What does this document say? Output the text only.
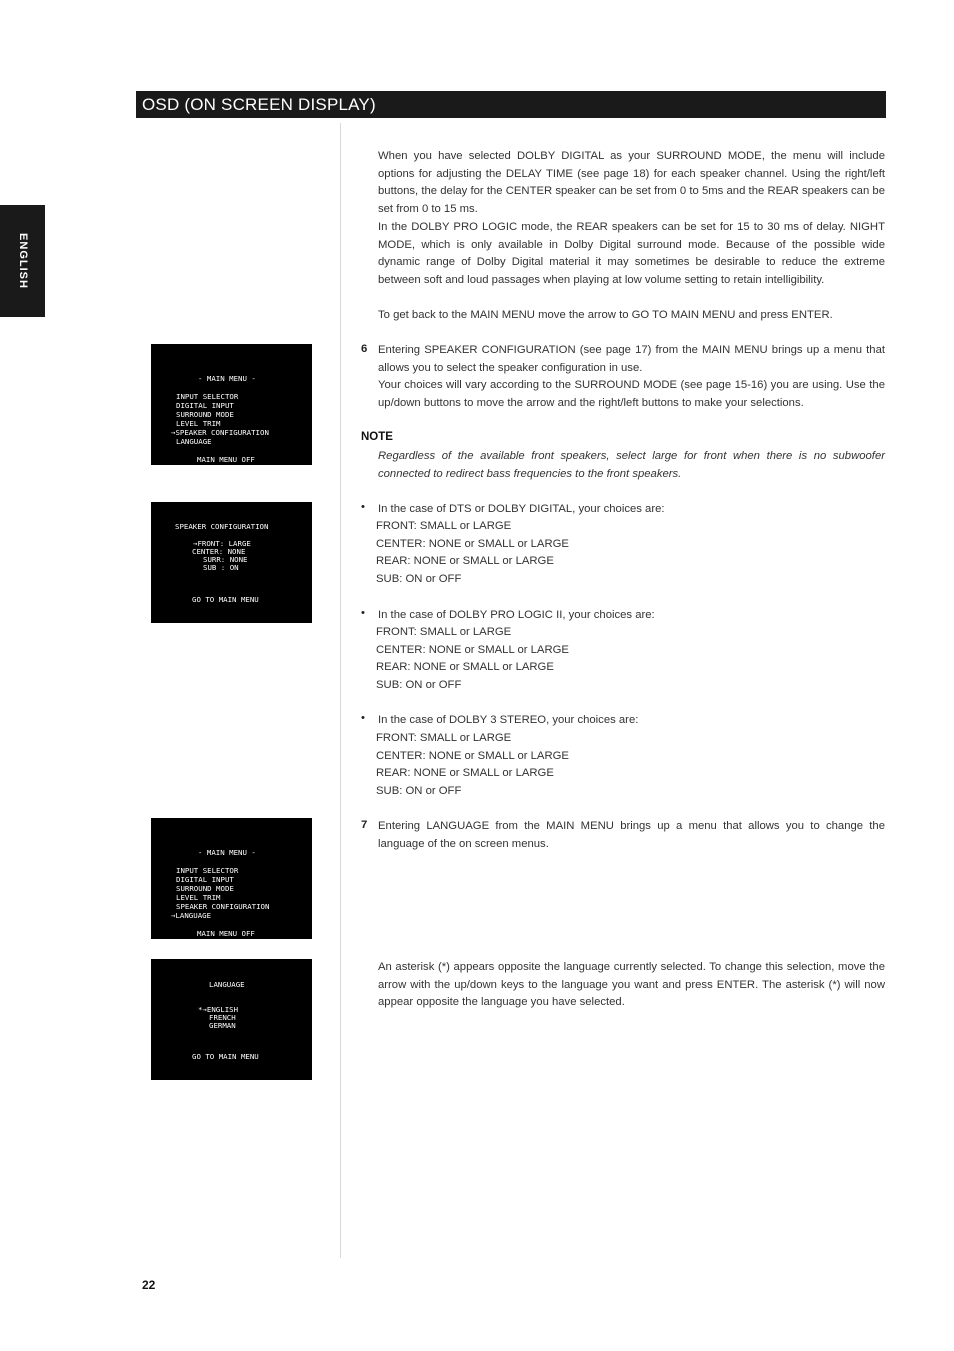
OSD (ON SCREEN DISPLAY)
ENGLISH

- MAIN MENU -

INPUT SELECTOR

DIGITAL INPUT

SURROUND MODE

LEVEL TRIM

→SPEAKER CONFIGURATION

LANGUAGE

MAIN MENU OFF

SPEAKER CONFIGURATION

→FRONT: LARGE

CENTER: NONE

SURR: NONE

SUB : ON

GO TO MAIN MENU

- MAIN MENU -

INPUT SELECTOR

DIGITAL INPUT

SURROUND MODE

LEVEL TRIM

SPEAKER CONFIGURATION

→LANGUAGE

MAIN MENU OFF

LANGUAGE

*→ENGLISH

FRENCH

GERMAN

GO TO MAIN MENU

When you have selected DOLBY DIGITAL as your SURROUND MODE, the menu will include options for adjusting the DELAY TIME (see page 18) for each speaker channel. Using the right/left buttons, the delay for the CENTER speaker can be set from 0 to 5ms and the REAR speakers can be set from 0 to 15 ms.

In the DOLBY PRO LOGIC mode, the REAR speakers can be set for 15 to 30 ms of delay. NIGHT MODE, which is only available in Dolby Digital surround mode. Because of the possible wide dynamic range of Dolby Digital material it may sometimes be desirable to reduce the extreme between soft and loud passages when playing at low volume setting to retain intelligibility.

To get back to the MAIN MENU move the arrow to GO TO MAIN MENU and press ENTER.

6 Entering SPEAKER CONFIGURATION (see page 17) from the MAIN MENU brings up a menu that allows you to select the speaker configuration in use.

Your choices will vary according to the SURROUND MODE (see page 15-16) you are using. Use the up/down buttons to move the arrow and the right/left buttons to make your selections.

NOTE
Regardless of the available front speakers, select large for front when there is no subwoofer connected to redirect bass frequencies to the front speakers.
• In the case of DTS or DOLBY DIGITAL, your choices are:
FRONT: SMALL or LARGE
CENTER: NONE or SMALL or LARGE
REAR: NONE or SMALL or LARGE
SUB: ON or OFF
• In the case of DOLBY PRO LOGIC II, your choices are:
FRONT: SMALL or LARGE
CENTER: NONE or SMALL or LARGE
REAR: NONE or SMALL or LARGE
SUB: ON or OFF
• In the case of DOLBY 3 STEREO, your choices are:
FRONT: SMALL or LARGE
CENTER: NONE or SMALL or LARGE
REAR: NONE or SMALL or LARGE
SUB: ON or OFF
7 Entering LANGUAGE from the MAIN MENU brings up a menu that allows you to change the language of the on screen menus.

An asterisk (*) appears opposite the language currently selected. To change this selection, move the arrow with the up/down keys to the language you want and press ENTER. The asterisk (*) will now appear opposite the language you have selected.
22
